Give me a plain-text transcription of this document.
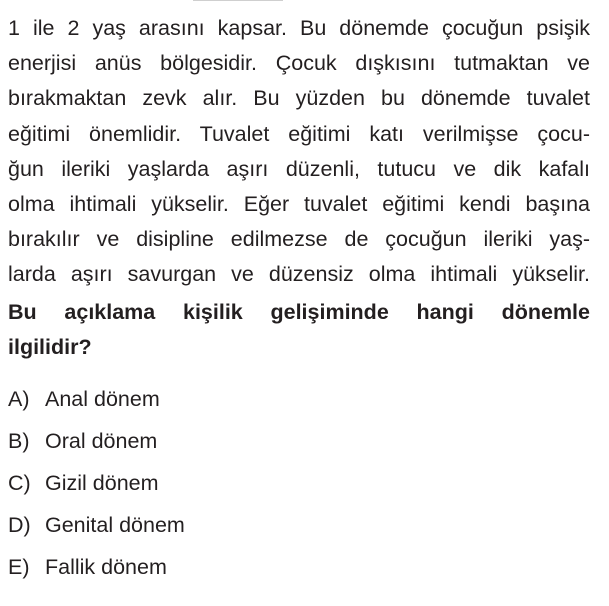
1 ile 2 yaş arasını kapsar. Bu dönemde çocuğun psişik
enerjisi anüs bölgesidir. Çocuk dışkısını tutmaktan ve
bırakmaktan zevk alır. Bu yüzden bu dönemde tuvalet
eğitimi önemlidir. Tuvalet eğitimi katı verilmişse çocu-
ğun ileriki yaşlarda aşırı düzenli, tutucu ve dik kafalı
olma ihtimali yükselir. Eğer tuvalet eğitimi kendi başına
bırakılır ve disipline edilmezse de çocuğun ileriki yaş-
larda aşırı savurgan ve düzensiz olma ihtimali yükselir.
Bu açıklama kişilik gelişiminde hangi dönemle
ilgilidir?
A) Anal dönem
B) Oral dönem
C) Gizil dönem
D) Genital dönem
E) Fallik dönem
